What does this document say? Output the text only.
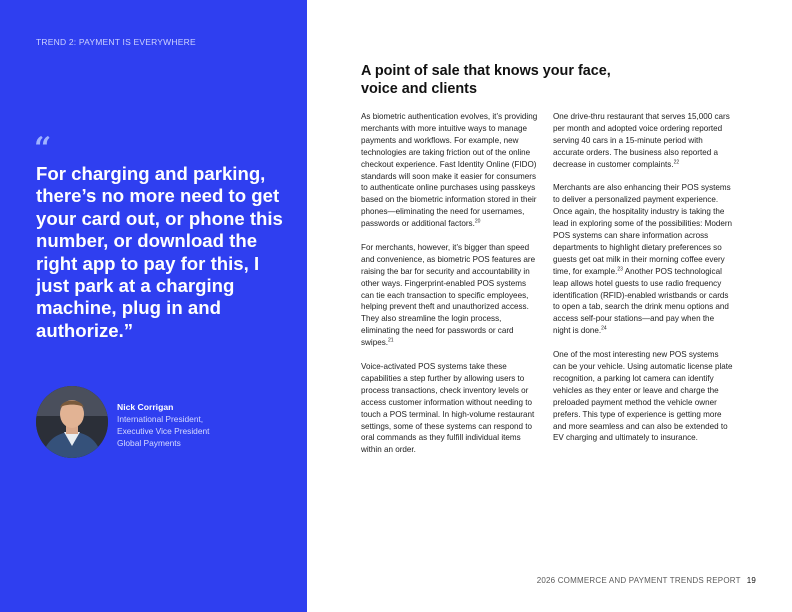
TREND 2: PAYMENT IS EVERYWHERE
“
For charging and parking, there’s no more need to get your card out, or phone this number, or download the right app to pay for this, I just park at a charging machine, plug in and authorize.”
Nick Corrigan
International President,
Executive Vice President
Global Payments
A point of sale that knows your face,
voice and clients

As biometric authentication evolves, it’s providing merchants with more intuitive ways to manage payments and workflows. For example, new technologies are taking friction out of the online checkout experience. Fast Identity Online (FIDO) standards will soon make it easier for consumers to authenticate online purchases using passkeys based on the biometric information stored in their phones—eliminating the need for usernames, passwords or additional factors.$^{20}$

For merchants, however, it’s bigger than speed and convenience, as biometric POS features are raising the bar for security and accountability in other ways. Fingerprint-enabled POS systems can tie each transaction to specific employees, helping prevent theft and unauthorized access. They also streamline the login process, eliminating the need for passwords or card swipes.$^{21}$

Voice-activated POS systems take these capabilities a step further by allowing users to process transactions, check inventory levels or access customer information without needing to touch a POS terminal. In high-volume restaurant settings, some of these systems can respond to oral commands as they fulfill individual items within an order.

One drive-thru restaurant that serves 15,000 cars per month and adopted voice ordering reported serving 40 cars in a 15-minute period with accurate orders. The business also reported a decrease in customer complaints.$^{22}$

Merchants are also enhancing their POS systems to deliver a personalized payment experience. Once again, the hospitality industry is taking the lead in exploring some of the possibilities: Modern POS systems can share information across departments to highlight dietary preferences so guests get oat milk in their morning coffee every time, for example.$^{23}$ Another POS technological leap allows hotel guests to use radio frequency identification (RFID)-enabled wristbands or cards to open a tab, search the drink menu options and access self-pour stations—and pay when the night is done.$^{24}$

One of the most interesting new POS systems can be your vehicle. Using automatic license plate recognition, a parking lot camera can identify vehicles as they enter or leave and charge the preloaded payment method the vehicle owner prefers. This type of experience is getting more and more seamless and can also be extended to EV charging and ultimately to insurance.

2026 COMMERCE AND PAYMENT TRENDS REPORT 19
